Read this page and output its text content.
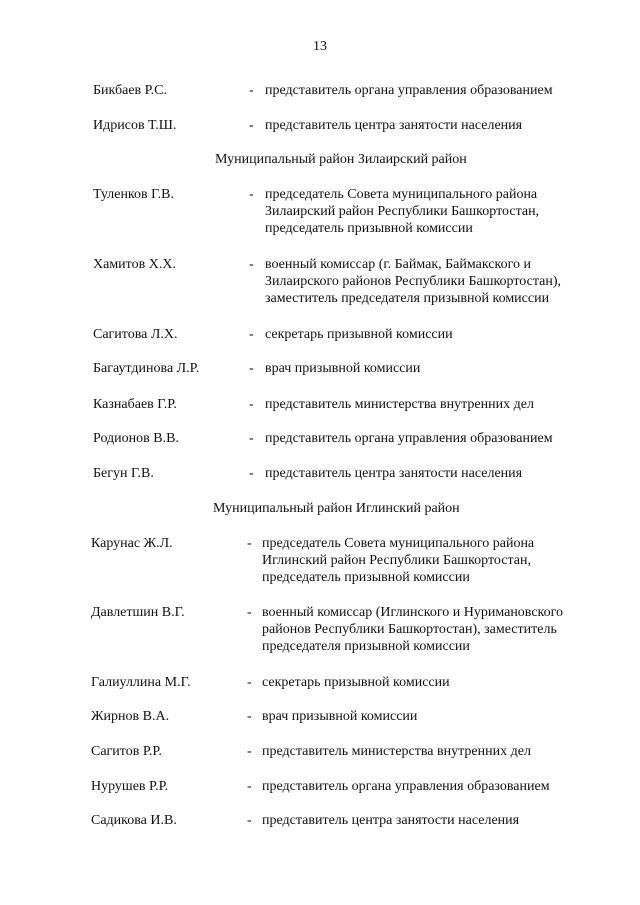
13
Бикбаев Р.С.	- представитель органа управления образованием
Идрисов Т.Ш.	- представитель центра занятости населения
Муниципальный район Зилаирский район
Туленков Г.В.	- председатель Совета муниципального района
Зилаирский район Республики Башкортостан,
председатель призывной комиссии
Хамитов Х.Х.	- военный комиссар (г. Баймак, Баймакского и
Зилаирского районов Республики Башкортостан),
заместитель председателя призывной комиссии
Сагитова Л.Х.	- секретарь призывной комиссии
Багаутдинова Л.Р.	- врач призывной комиссии
Казнабаев Г.Р.	- представитель министерства внутренних дел
Родионов В.В.	- представитель органа управления образованием
Бегун Г.В.	- представитель центра занятости населения
Муниципальный район Иглинский район
Карунас Ж.Л.	- председатель Совета муниципального района
Иглинский район Республики Башкортостан,
председатель призывной комиссии
Давлетшин В.Г.	- военный комиссар (Иглинского и Нуримановского
районов Республики Башкортостан), заместитель
председателя призывной комиссии
Галиуллина М.Г.	- секретарь призывной комиссии
Жирнов В.А.	- врач призывной комиссии
Сагитов Р.Р.	- представитель министерства внутренних дел
Нурушев Р.Р.	- представитель органа управления образованием
Садикова И.В.	- представитель центра занятости населения
